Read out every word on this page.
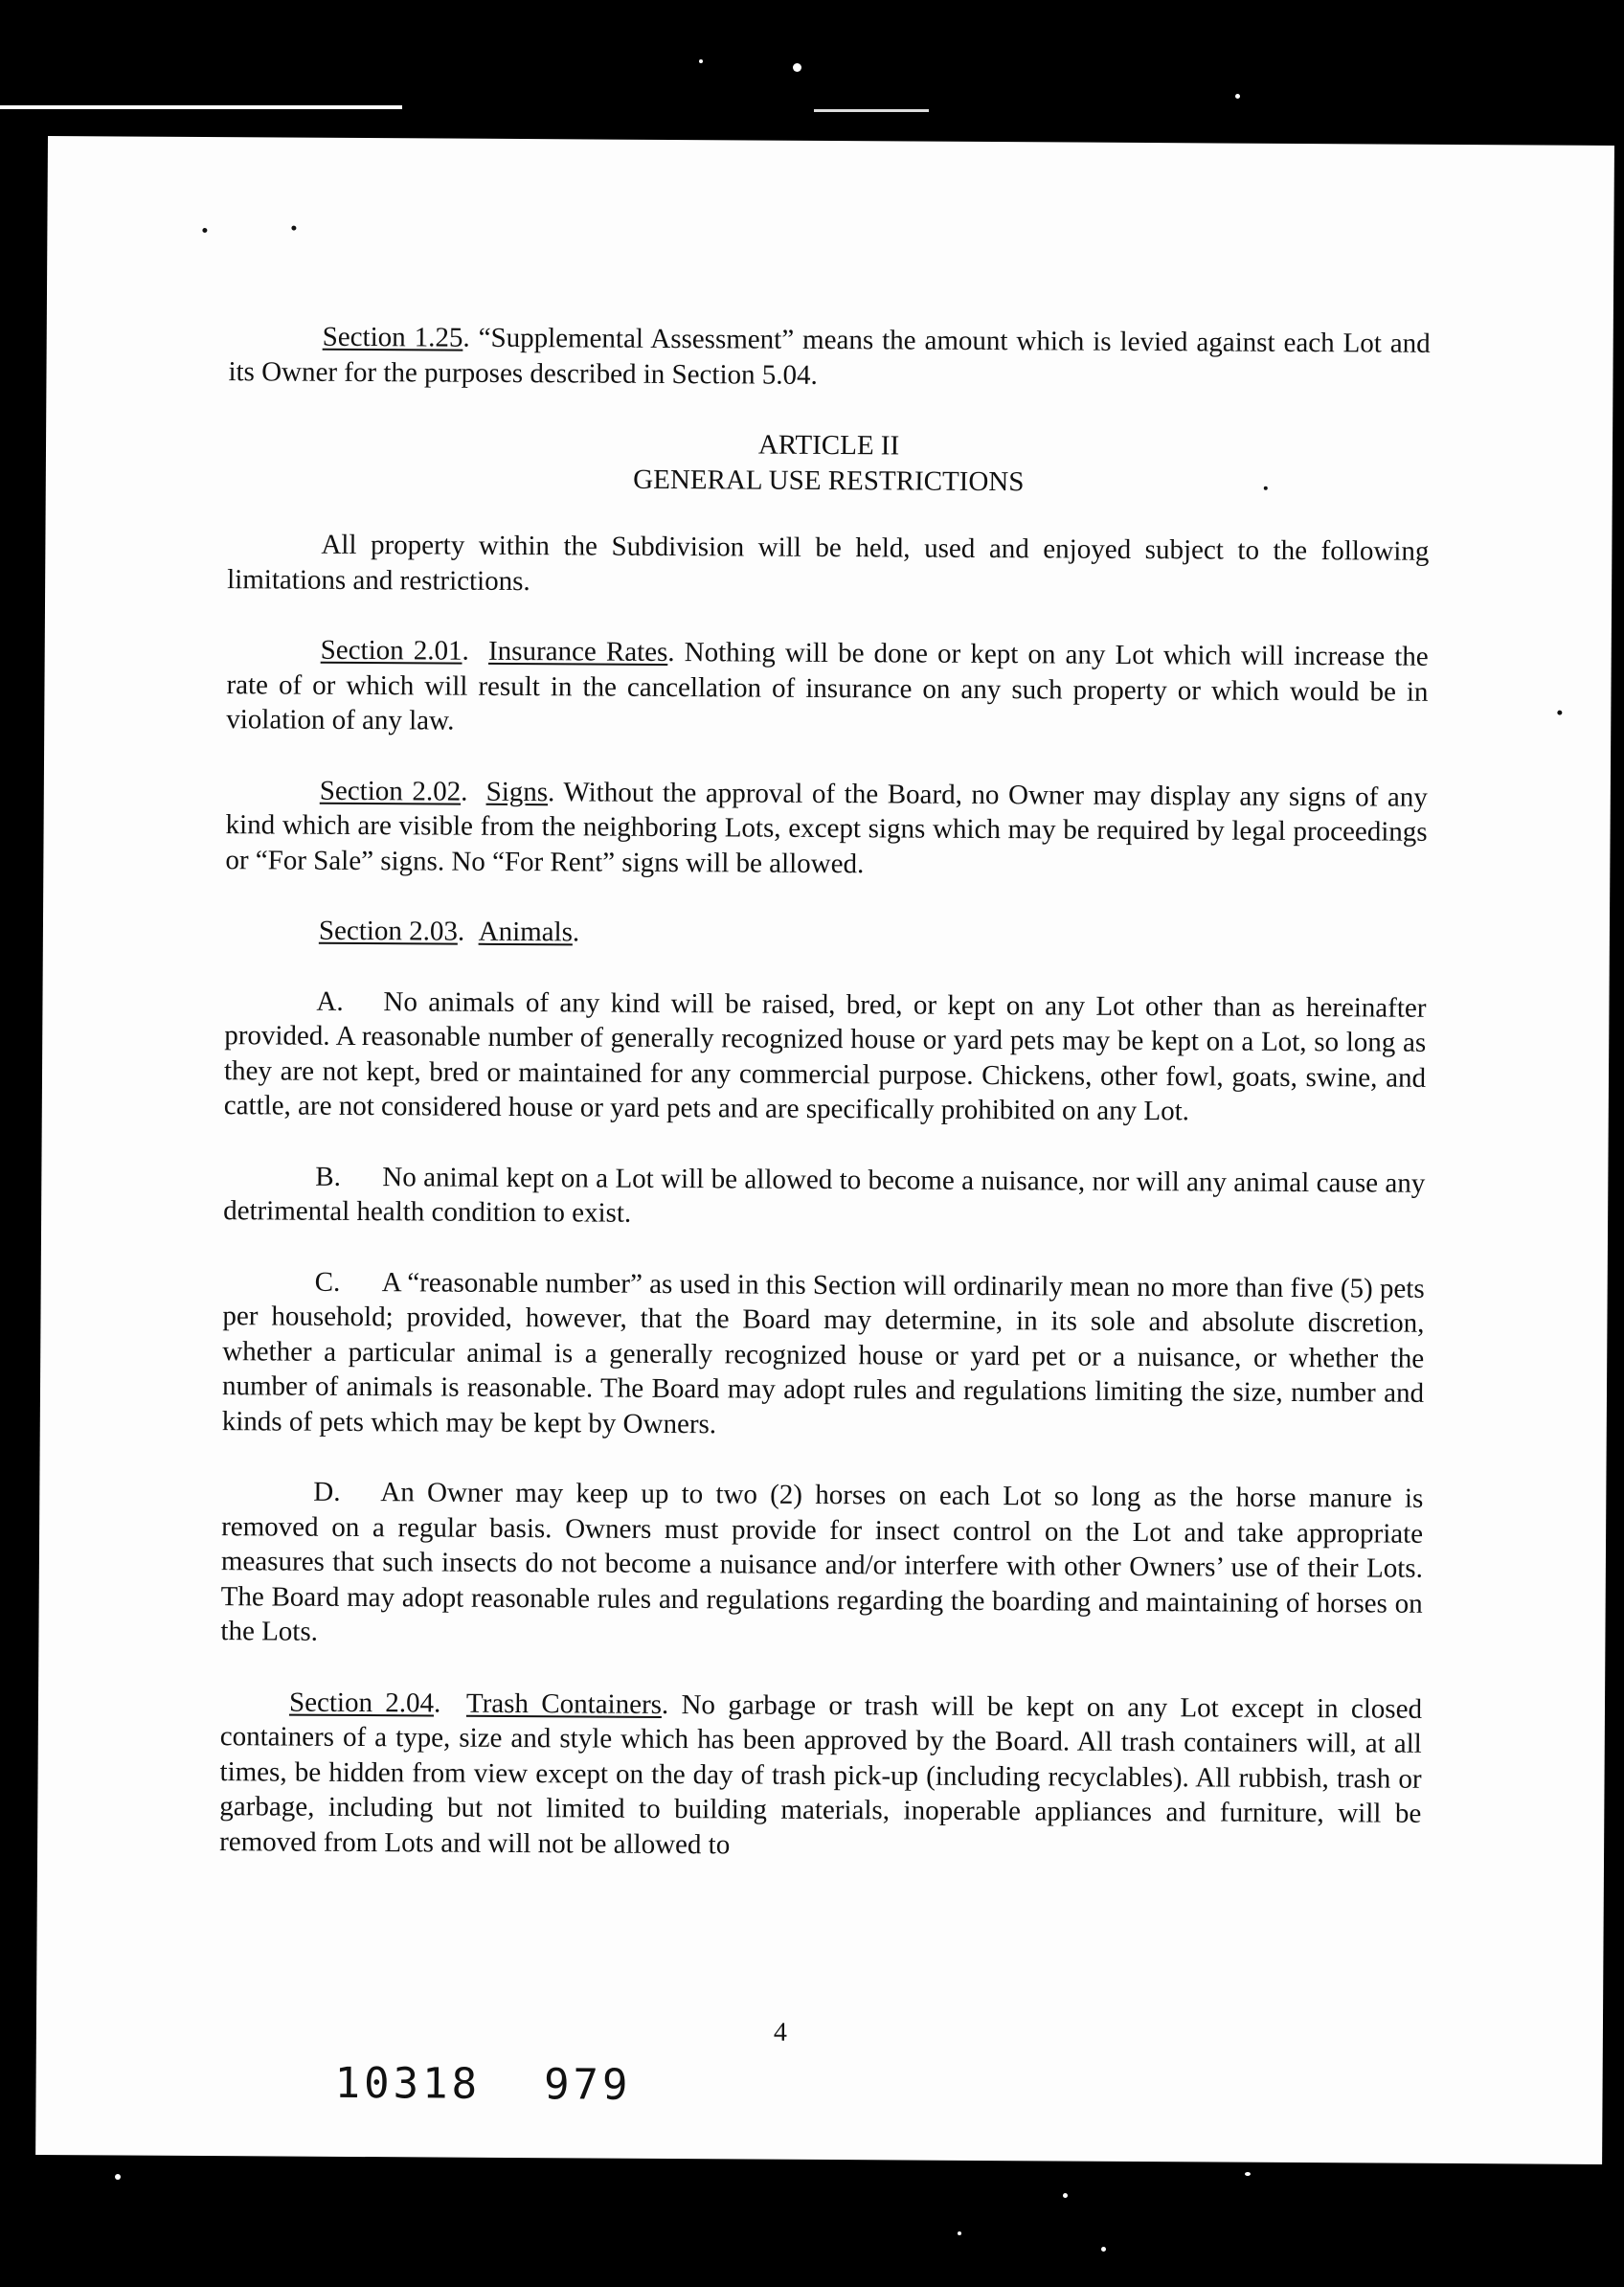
Section 1.25. “Supplemental Assessment” means the amount which is levied against each Lot and its Owner for the purposes described in Section 5.04.

ARTICLE II
GENERAL USE RESTRICTIONS

All property within the Subdivision will be held, used and enjoyed subject to the following limitations and restrictions.

Section 2.01.  Insurance Rates. Nothing will be done or kept on any Lot which will increase the rate of or which will result in the cancellation of insurance on any such property or which would be in violation of any law.

Section 2.02.  Signs. Without the approval of the Board, no Owner may display any signs of any kind which are visible from the neighboring Lots, except signs which may be required by legal proceedings or “For Sale” signs. No “For Rent” signs will be allowed.

Section 2.03.  Animals.

A. No animals of any kind will be raised, bred, or kept on any Lot other than as hereinafter provided. A reasonable number of generally recognized house or yard pets may be kept on a Lot, so long as they are not kept, bred or maintained for any commercial purpose. Chickens, other fowl, goats, swine, and cattle, are not considered house or yard pets and are specifically prohibited on any Lot.

B. No animal kept on a Lot will be allowed to become a nuisance, nor will any animal cause any detrimental health condition to exist.

C. A “reasonable number” as used in this Section will ordinarily mean no more than five (5) pets per household; provided, however, that the Board may determine, in its sole and absolute discretion, whether a particular animal is a generally recognized house or yard pet or a nuisance, or whether the number of animals is reasonable. The Board may adopt rules and regulations limiting the size, number and kinds of pets which may be kept by Owners.

D. An Owner may keep up to two (2) horses on each Lot so long as the horse manure is removed on a regular basis. Owners must provide for insect control on the Lot and take appropriate measures that such insects do not become a nuisance and/or interfere with other Owners’ use of their Lots. The Board may adopt reasonable rules and regulations regarding the boarding and maintaining of horses on the Lots.

Section 2.04.  Trash Containers. No garbage or trash will be kept on any Lot except in closed containers of a type, size and style which has been approved by the Board. All trash containers will, at all times, be hidden from view except on the day of trash pick-up (including recyclables). All rubbish, trash or garbage, including but not limited to building materials, inoperable appliances and furniture, will be removed from Lots and will not be allowed to

4
10318 979
